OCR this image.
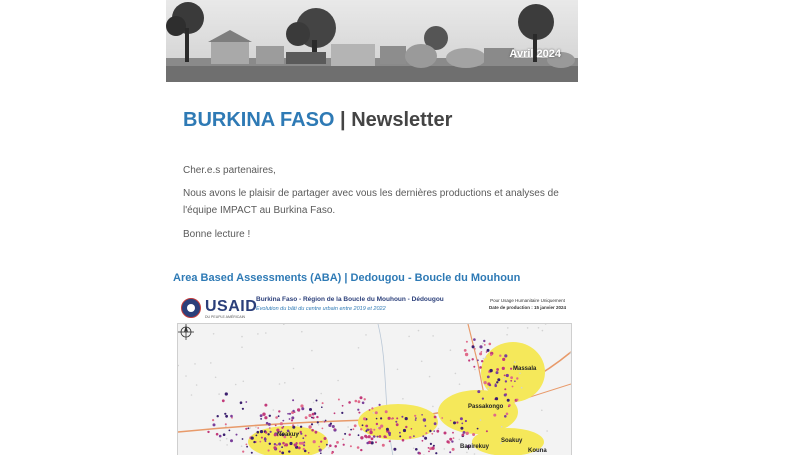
Avril 2024
BURKINA FASO | Newsletter
Cher.e.s partenaires,
Nous avons le plaisir de partager avec vous les dernières productions et analyses de l'équipe IMPACT au Burkina Faso.
Bonne lecture !
Area Based Assessments (ABA) | Dedougou - Boucle du Mouhoun
USAID
DU PEUPLE AMÉRICAIN
Burkina Faso - Région de la Boucle du Mouhoun - Dédougou
Evolution du bâti du centre urbain entre 2019 et 2022
Pour Usage Humanitaire Uniquement
Date de production : 15 janvier 2024
Massala
Passakongo
Noakuy
Soakuy
Kouna
Bapirekuy
